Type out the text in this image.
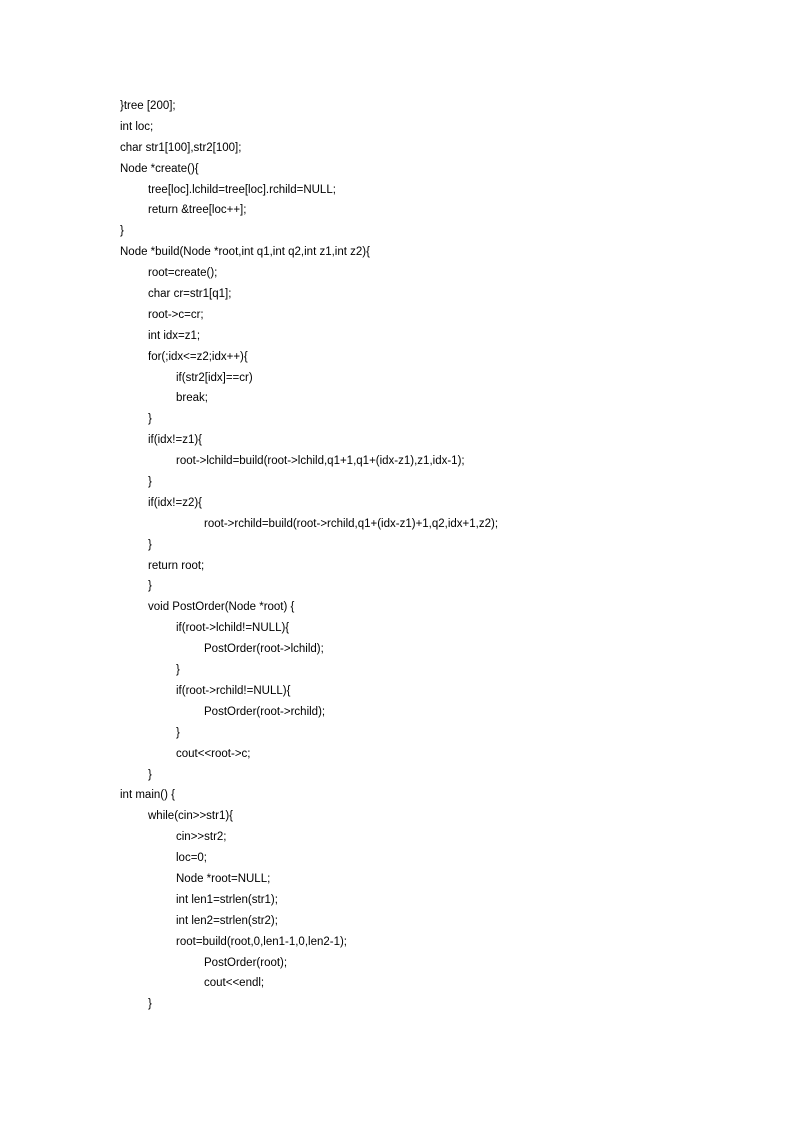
}tree [200];
int loc;
char str1[100],str2[100];
Node *create(){
tree[loc].lchild=tree[loc].rchild=NULL;
return &tree[loc++];
}
Node *build(Node *root,int q1,int q2,int z1,int z2){
root=create();
char cr=str1[q1];
root->c=cr;
int idx=z1;
for(;idx<=z2;idx++){
if(str2[idx]==cr)
break;
}
if(idx!=z1){
root->lchild=build(root->lchild,q1+1,q1+(idx-z1),z1,idx-1);
}
if(idx!=z2){
root->rchild=build(root->rchild,q1+(idx-z1)+1,q2,idx+1,z2);
}
return root;
}
void PostOrder(Node *root) {
if(root->lchild!=NULL){
PostOrder(root->lchild);
}
if(root->rchild!=NULL){
PostOrder(root->rchild);
}
cout<<root->c;
}
int main() {
while(cin>>str1){
cin>>str2;
loc=0;
Node *root=NULL;
int len1=strlen(str1);
int len2=strlen(str2);
root=build(root,0,len1-1,0,len2-1);
PostOrder(root);
cout<<endl;
}
